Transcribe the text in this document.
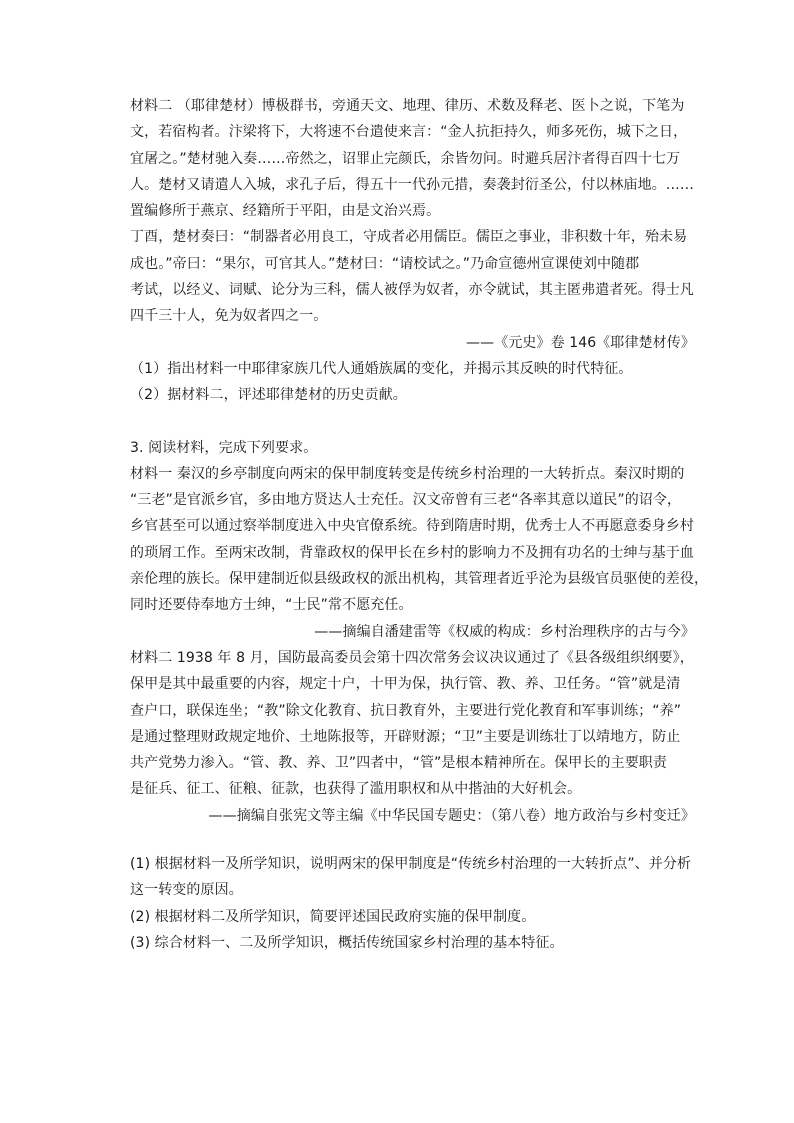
材料二 （耶律楚材）博极群书，旁通天文、地理、律历、术数及释老、医卜之说，下笔为
文，若宿构者。汴梁将下，大将速不台遣使来言：“金人抗拒持久，师多死伤，城下之日，
宜屠之。”楚材驰入奏……帝然之，诏罪止完颜氏，余皆勿问。时避兵居汴者得百四十七万
人。楚材又请遣人入城，求孔子后，得五十一代孙元措，奏袭封衍圣公，付以林庙地。……
置编修所于燕京、经籍所于平阳，由是文治兴焉。
丁酉，楚材奏曰：“制器者必用良工，守成者必用儒臣。儒臣之事业，非积数十年，殆未易
成也。”帝曰：“果尔，可官其人。”楚材曰：“请校试之。”乃命宣德州宣课使刘中随郡
考试，以经义、词赋、论分为三科，儒人被俘为奴者，亦令就试，其主匿弗遣者死。得士凡
四千三十人，免为奴者四之一。
——《元史》卷 146《耶律楚材传》
（1）指出材料一中耶律家族几代人通婚族属的变化，并揭示其反映的时代特征。
（2）据材料二，评述耶律楚材的历史贡献。
3. 阅读材料，完成下列要求。
材料一 秦汉的乡亭制度向两宋的保甲制度转变是传统乡村治理的一大转折点。秦汉时期的
“三老”是官派乡官，多由地方贤达人士充任。汉文帝曾有三老“各率其意以道民”的诏令，
乡官甚至可以通过察举制度进入中央官僚系统。待到隋唐时期，优秀士人不再愿意委身乡村
的琐屑工作。至两宋改制，背靠政权的保甲长在乡村的影响力不及拥有功名的士绅与基于血
亲伦理的族长。保甲建制近似县级政权的派出机构，其管理者近乎沦为县级官员驱使的差役，
同时还要侍奉地方士绅，“士民”常不愿充任。
——摘编自潘建雷等《权威的构成：乡村治理秩序的古与今》
材料二 1938 年 8 月，国防最高委员会第十四次常务会议决议通过了《县各级组织纲要》，
保甲是其中最重要的内容，规定十户，十甲为保，执行管、教、养、卫任务。“管”就是清
查户口，联保连坐；“教”除文化教育、抗日教育外，主要进行党化教育和军事训练；“养”
是通过整理财政规定地价、土地陈报等，开辟财源；“卫”主要是训练壮丁以靖地方，防止
共产党势力渗入。“管、教、养、卫”四者中，“管”是根本精神所在。保甲长的主要职责
是征兵、征工、征粮、征款，也获得了滥用职权和从中揩油的大好机会。
——摘编自张宪文等主编《中华民国专题史：（第八卷）地方政治与乡村变迁》
(1) 根据材料一及所学知识，说明两宋的保甲制度是“传统乡村治理的一大转折点”、并分析
这一转变的原因。
(2) 根据材料二及所学知识，简要评述国民政府实施的保甲制度。
(3) 综合材料一、二及所学知识，概括传统国家乡村治理的基本特征。
